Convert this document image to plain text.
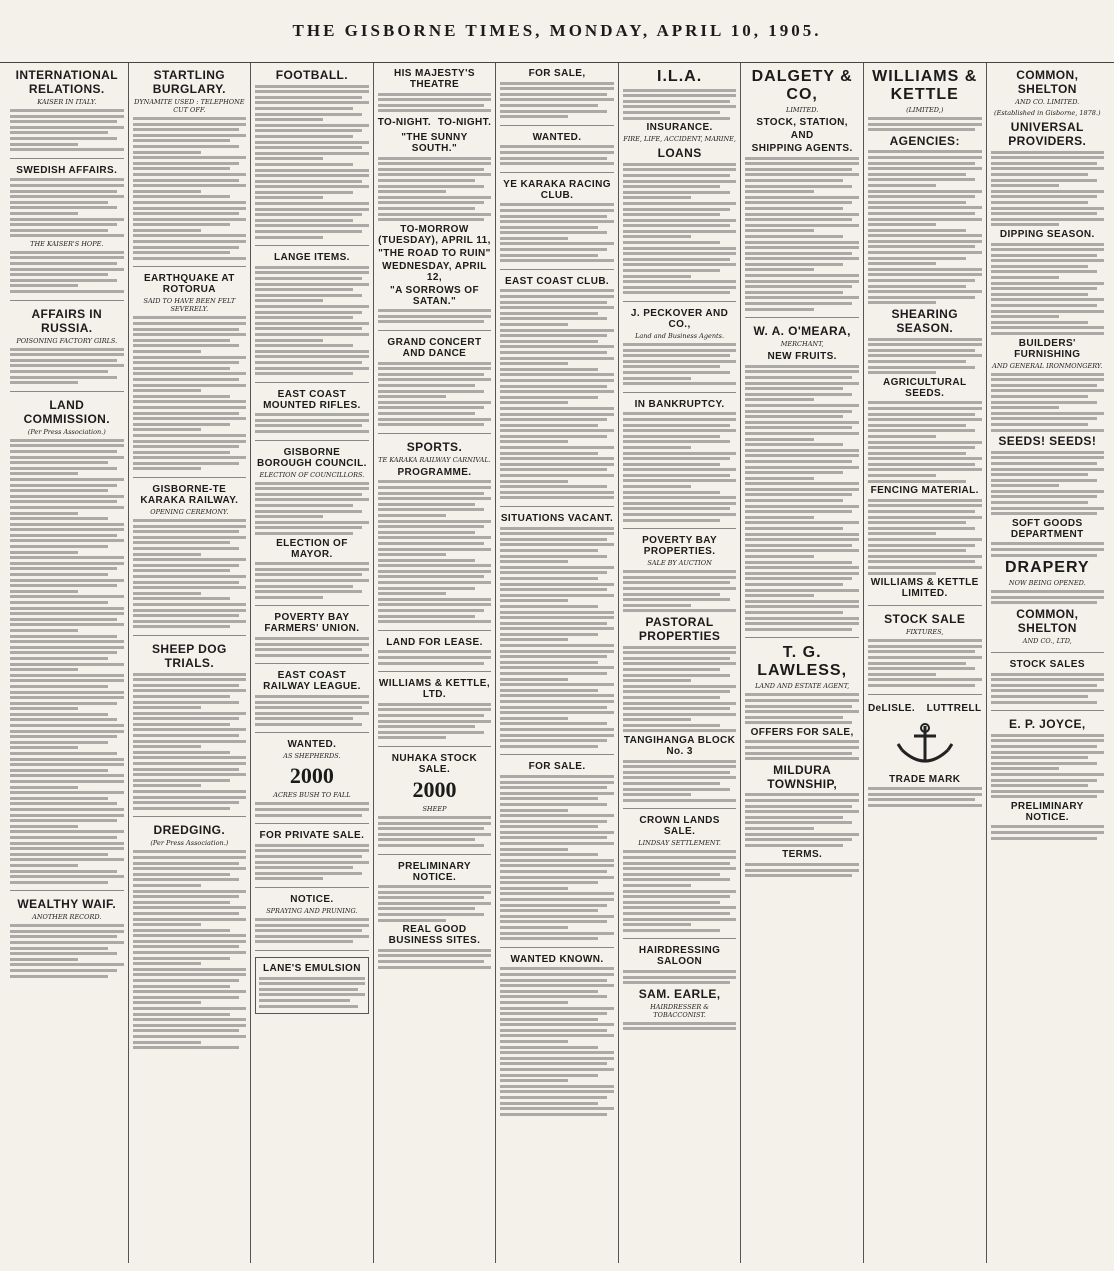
THE GISBORNE TIMES, MONDAY, APRIL 10, 1905.
INTERNATIONAL RELATIONS.
KAISER IN ITALY.
SWEDISH AFFAIRS.
THE KAISER'S HOPE.
AFFAIRS IN RUSSIA.
POISONING FACTORY GIRLS.
LAND COMMISSION.
(Per Press Association.)
WEALTHY WAIF.
ANOTHER RECORD.
STARTLING BURGLARY.
DYNAMITE USED : TELEPHONE CUT OFF.
EARTHQUAKE AT ROTORUA
SAID TO HAVE BEEN FELT SEVERELY.
GISBORNE-TE KARAKA RAILWAY.
OPENING CEREMONY.
SHEEP DOG TRIALS.
DREDGING.
(Per Press Association.)
FOOTBALL.
LANGE ITEMS.
EAST COAST MOUNTED RIFLES.
GISBORNE BOROUGH COUNCIL.
ELECTION OF COUNCILLORS.
ELECTION OF MAYOR.
POVERTY BAY FARMERS' UNION.
EAST COAST RAILWAY LEAGUE.
WANTED.
AS SHEPHERDS.
2000
ACRES BUSH TO FALL
FOR PRIVATE SALE.
NOTICE.
SPRAYING AND PRUNING.
LANE'S EMULSION
HIS MAJESTY'S THEATRE
TO-NIGHT. TO-NIGHT.
"THE SUNNY SOUTH."
TO-MORROW (TUESDAY), APRIL 11,
"THE ROAD TO RUIN"
WEDNESDAY, APRIL 12,
"A SORROWS OF SATAN."
GRAND CONCERT AND DANCE
SPORTS.
TE KARAKA RAILWAY CARNIVAL.
PROGRAMME.
LAND FOR LEASE.
WILLIAMS & KETTLE, LTD.
NUHAKA STOCK SALE.
2000
SHEEP
PRELIMINARY NOTICE.
REAL GOOD BUSINESS SITES.
FOR SALE,
WANTED.
YE KARAKA RACING CLUB.
EAST COAST CLUB.
SITUATIONS VACANT.
FOR SALE.
WANTED KNOWN.
I.L.A.
INSURANCE.
FIRE, LIFE, ACCIDENT, MARINE,
LOANS
J. PECKOVER AND CO.,
Land and Business Agents.
IN BANKRUPTCY.
POVERTY BAY PROPERTIES.
SALE BY AUCTION
PASTORAL PROPERTIES
TANGIHANGA BLOCK No. 3
CROWN LANDS SALE.
LINDSAY SETTLEMENT.
HAIRDRESSING SALOON
SAM. EARLE,
HAIRDRESSER & TOBACCONIST.
DALGETY & CO,
LIMITED.
STOCK, STATION,
AND
SHIPPING AGENTS.
W. A. O'MEARA,
MERCHANT,
NEW FRUITS.
T. G. LAWLESS,
LAND AND ESTATE AGENT,
OFFERS FOR SALE,
MILDURA TOWNSHIP,
TERMS.
WILLIAMS & KETTLE
(LIMITED,)
AGENCIES:
SHEARING SEASON.
AGRICULTURAL SEEDS.
FENCING MATERIAL.
WILLIAMS & KETTLE LIMITED.
STOCK SALE
FIXTURES,
DeLISLE. LUTTRELL
TRADE MARK
COMMON, SHELTON
AND CO. LIMITED.
(Established in Gisborne, 1878.)
UNIVERSAL PROVIDERS.
DIPPING SEASON.
BUILDERS' FURNISHING
AND GENERAL IRONMONGERY.
SEEDS! SEEDS!
SOFT GOODS DEPARTMENT
DRAPERY
NOW BEING OPENED.
COMMON, SHELTON
AND CO., LTD,
STOCK SALES
E. P. JOYCE,
PRELIMINARY NOTICE.
